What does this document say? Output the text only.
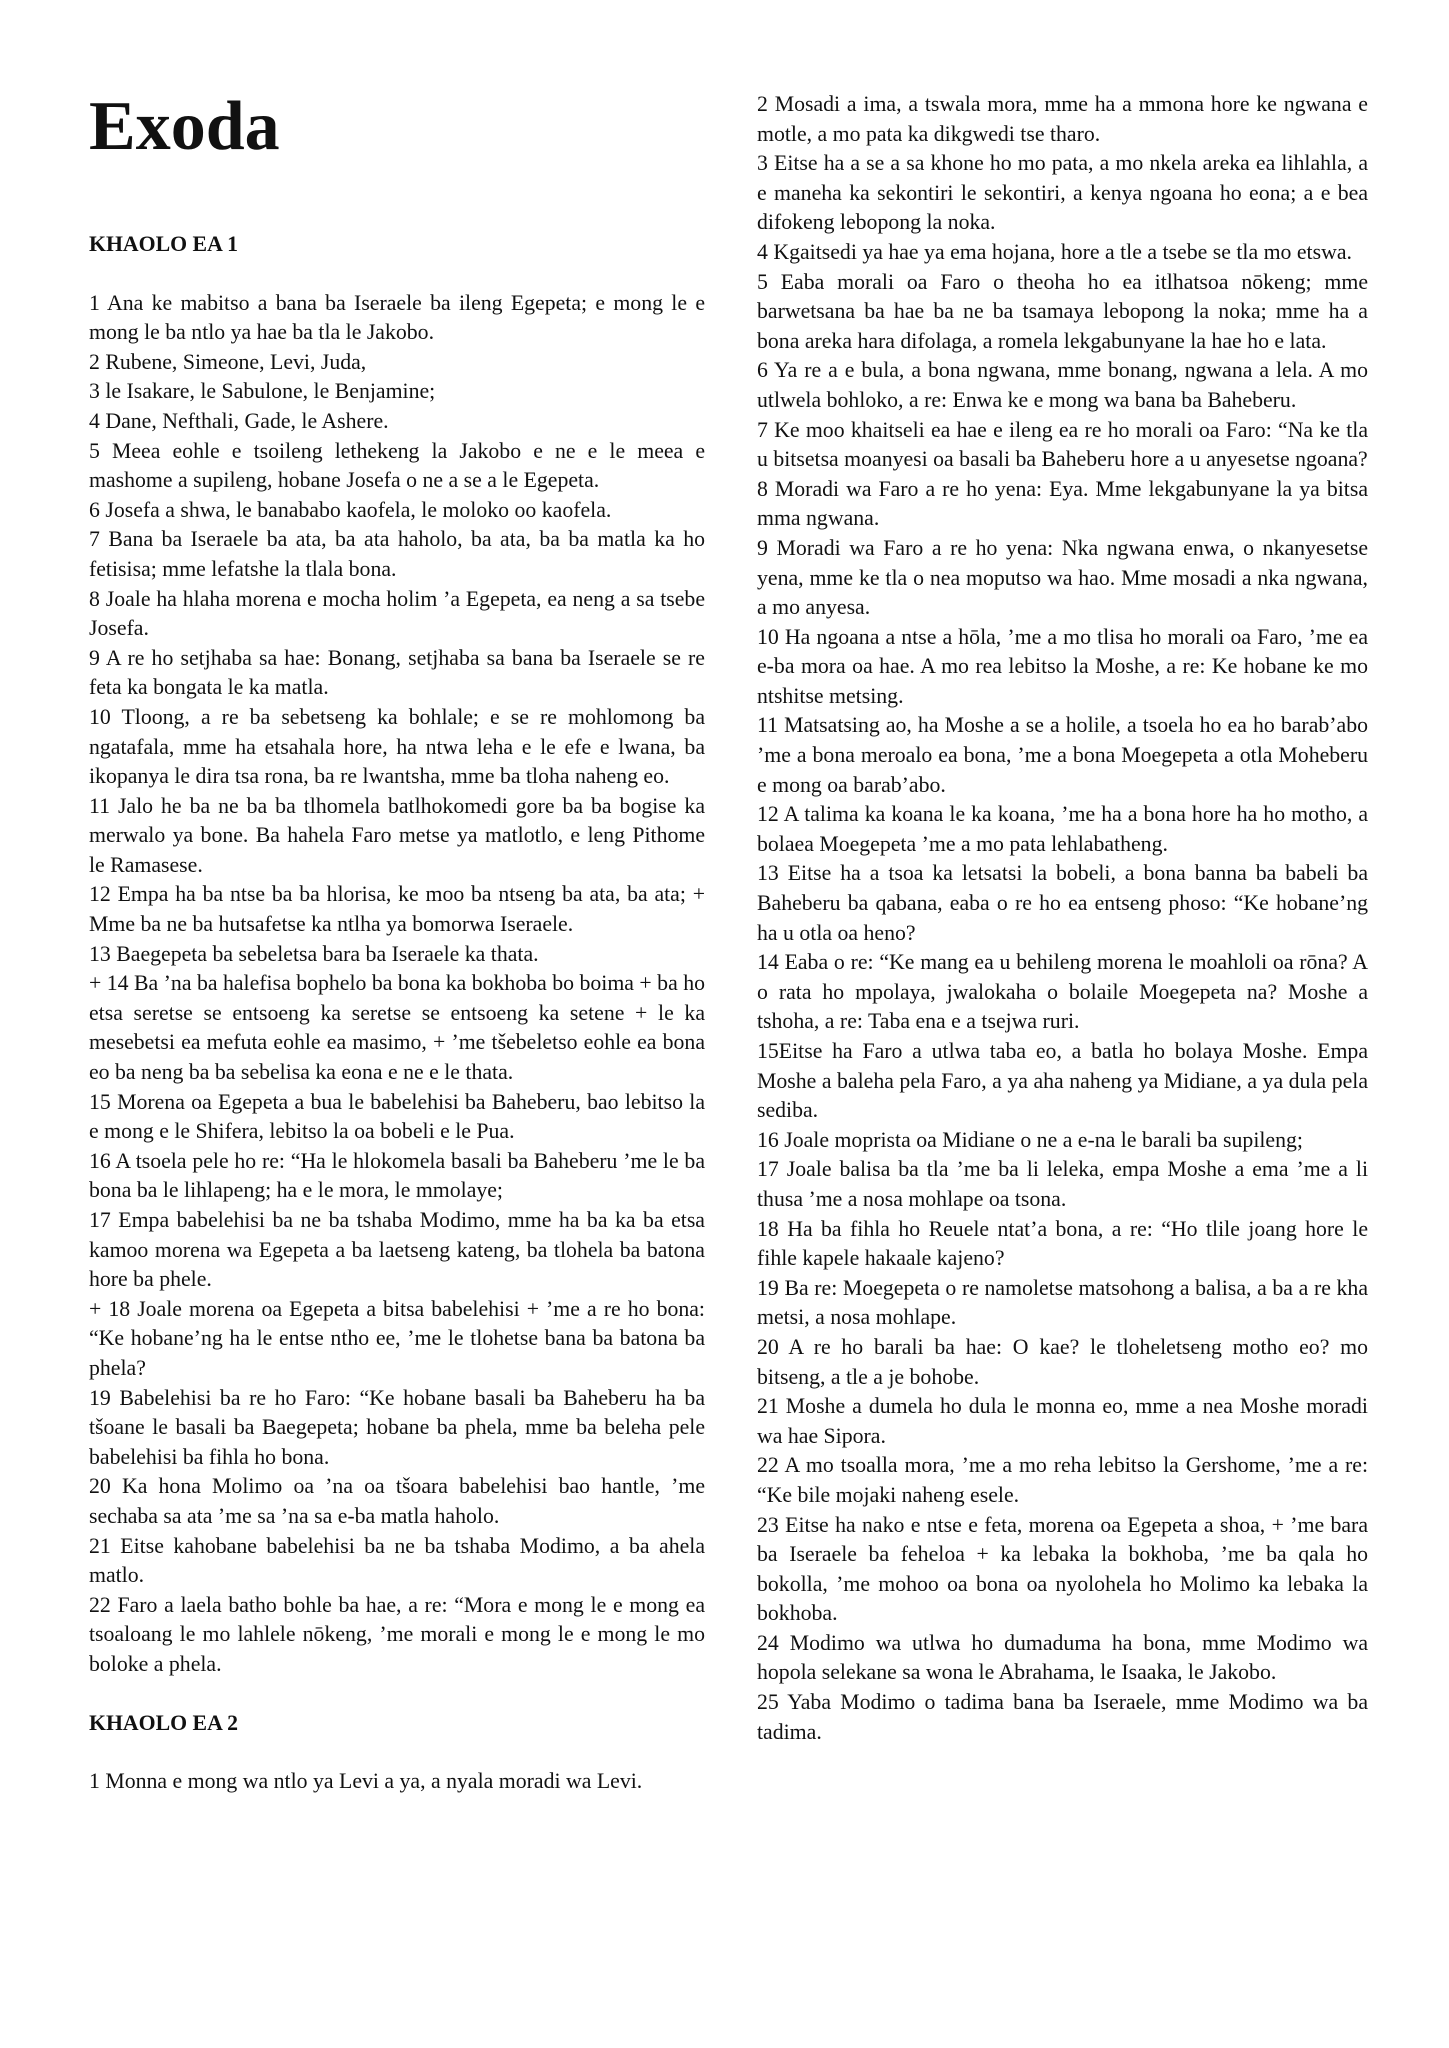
Exoda

KHAOLO EA 1

1 Ana ke mabitso a bana ba Iseraele ba ileng Egepeta; e mong le e mong le ba ntlo ya hae ba tla le Jakobo.

2 Rubene, Simeone, Levi, Juda,

3 le Isakare, le Sabulone, le Benjamine;

4 Dane, Nefthali, Gade, le Ashere.

5 Meea eohle e tsoileng lethekeng la Jakobo e ne e le meea e mashome a supileng, hobane Josefa o ne a se a le Egepeta.

6 Josefa a shwa, le banababo kaofela, le moloko oo kaofela.

7 Bana ba Iseraele ba ata, ba ata haholo, ba ata, ba ba matla ka ho fetisisa; mme lefatshe la tlala bona.

8 Joale ha hlaha morena e mocha holim ’a Egepeta, ea neng a sa tsebe Josefa.

9 A re ho setjhaba sa hae: Bonang, setjhaba sa bana ba Iseraele se re feta ka bongata le ka matla.

10 Tloong, a re ba sebetseng ka bohlale; e se re mohlomong ba ngatafala, mme ha etsahala hore, ha ntwa leha e le efe e lwana, ba ikopanya le dira tsa rona, ba re lwantsha, mme ba tloha naheng eo.

11 Jalo he ba ne ba ba tlhomela batlhokomedi gore ba ba bogise ka merwalo ya bone. Ba hahela Faro metse ya matlotlo, e leng Pithome le Ramasese.

12 Empa ha ba ntse ba ba hlorisa, ke moo ba ntseng ba ata, ba ata; + Mme ba ne ba hutsafetse ka ntlha ya bomorwa Iseraele.

13 Baegepeta ba sebeletsa bara ba Iseraele ka thata.

+ 14 Ba ’na ba halefisa bophelo ba bona ka bokhoba bo boima + ba ho etsa seretse se entsoeng ka seretse se entsoeng ka setene + le ka mesebetsi ea mefuta eohle ea masimo, + ’me tšebeletso eohle ea bona eo ba neng ba ba sebelisa ka eona e ne e le thata.

15 Morena oa Egepeta a bua le babelehisi ba Baheberu, bao lebitso la e mong e le Shifera, lebitso la oa bobeli e le Pua.

16 A tsoela pele ho re: “Ha le hlokomela basali ba Baheberu ’me le ba bona ba le lihlapeng; ha e le mora, le mmolaye;

17 Empa babelehisi ba ne ba tshaba Modimo, mme ha ba ka ba etsa kamoo morena wa Egepeta a ba laetseng kateng, ba tlohela ba batona hore ba phele.

+ 18 Joale morena oa Egepeta a bitsa babelehisi + ’me a re ho bona: “Ke hobane’ng ha le entse ntho ee, ’me le tlohetse bana ba batona ba phela?

19 Babelehisi ba re ho Faro: “Ke hobane basali ba Baheberu ha ba tšoane le basali ba Baegepeta; hobane ba phela, mme ba beleha pele babelehisi ba fihla ho bona.

20 Ka hona Molimo oa ’na oa tšoara babelehisi bao hantle, ’me sechaba sa ata ’me sa ’na sa e-ba matla haholo.

21 Eitse kahobane babelehisi ba ne ba tshaba Modimo, a ba ahela matlo.

22 Faro a laela batho bohle ba hae, a re: “Mora e mong le e mong ea tsoaloang le mo lahlele nōkeng, ’me morali e mong le e mong le mo boloke a phela.

KHAOLO EA 2

1 Monna e mong wa ntlo ya Levi a ya, a nyala moradi wa Levi.

2 Mosadi a ima, a tswala mora, mme ha a mmona hore ke ngwana e motle, a mo pata ka dikgwedi tse tharo.

3 Eitse ha a se a sa khone ho mo pata, a mo nkela areka ea lihlahla, a e maneha ka sekontiri le sekontiri, a kenya ngoana ho eona; a e bea difokeng lebopong la noka.

4 Kgaitsedi ya hae ya ema hojana, hore a tle a tsebe se tla mo etswa.

5 Eaba morali oa Faro o theoha ho ea itlhatsoa nōkeng; mme barwetsana ba hae ba ne ba tsamaya lebopong la noka; mme ha a bona areka hara difolaga, a romela lekgabunyane la hae ho e lata.

6 Ya re a e bula, a bona ngwana, mme bonang, ngwana a lela. A mo utlwela bohloko, a re: Enwa ke e mong wa bana ba Baheberu.

7 Ke moo khaitseli ea hae e ileng ea re ho morali oa Faro: “Na ke tla u bitsetsa moanyesi oa basali ba Baheberu hore a u anyesetse ngoana?

8 Moradi wa Faro a re ho yena: Eya. Mme lekgabunyane la ya bitsa mma ngwana.

9 Moradi wa Faro a re ho yena: Nka ngwana enwa, o nkanyesetse yena, mme ke tla o nea moputso wa hao. Mme mosadi a nka ngwana, a mo anyesa.

10 Ha ngoana a ntse a hōla, ’me a mo tlisa ho morali oa Faro, ’me ea e-ba mora oa hae. A mo rea lebitso la Moshe, a re: Ke hobane ke mo ntshitse metsing.

11 Matsatsing ao, ha Moshe a se a holile, a tsoela ho ea ho barab’abo ’me a bona meroalo ea bona, ’me a bona Moegepeta a otla Moheberu e mong oa barab’abo.

12 A talima ka koana le ka koana, ’me ha a bona hore ha ho motho, a bolaea Moegepeta ’me a mo pata lehlabatheng.

13 Eitse ha a tsoa ka letsatsi la bobeli, a bona banna ba babeli ba Baheberu ba qabana, eaba o re ho ea entseng phoso: “Ke hobane’ng ha u otla oa heno?

14 Eaba o re: “Ke mang ea u behileng morena le moahloli oa rōna? A o rata ho mpolaya, jwalokaha o bolaile Moegepeta na? Moshe a tshoha, a re: Taba ena e a tsejwa ruri.

15Eitse ha Faro a utlwa taba eo, a batla ho bolaya Moshe. Empa Moshe a baleha pela Faro, a ya aha naheng ya Midiane, a ya dula pela sediba.

16 Joale moprista oa Midiane o ne a e-na le barali ba supileng;

17 Joale balisa ba tla ’me ba li leleka, empa Moshe a ema ’me a li thusa ’me a nosa mohlape oa tsona.

18 Ha ba fihla ho Reuele ntat’a bona, a re: “Ho tlile joang hore le fihle kapele hakaale kajeno?

19 Ba re: Moegepeta o re namoletse matsohong a balisa, a ba a re kha metsi, a nosa mohlape.

20 A re ho barali ba hae: O kae? le tloheletseng motho eo? mo bitseng, a tle a je bohobe.

21 Moshe a dumela ho dula le monna eo, mme a nea Moshe moradi wa hae Sipora.

22 A mo tsoalla mora, ’me a mo reha lebitso la Gershome, ’me a re: “Ke bile mojaki naheng esele.

23 Eitse ha nako e ntse e feta, morena oa Egepeta a shoa, + ’me bara ba Iseraele ba feheloa + ka lebaka la bokhoba, ’me ba qala ho bokolla, ’me mohoo oa bona oa nyolohela ho Molimo ka lebaka la bokhoba.

24 Modimo wa utlwa ho dumaduma ha bona, mme Modimo wa hopola selekane sa wona le Abrahama, le Isaaka, le Jakobo.

25 Yaba Modimo o tadima bana ba Iseraele, mme Modimo wa ba tadima.
